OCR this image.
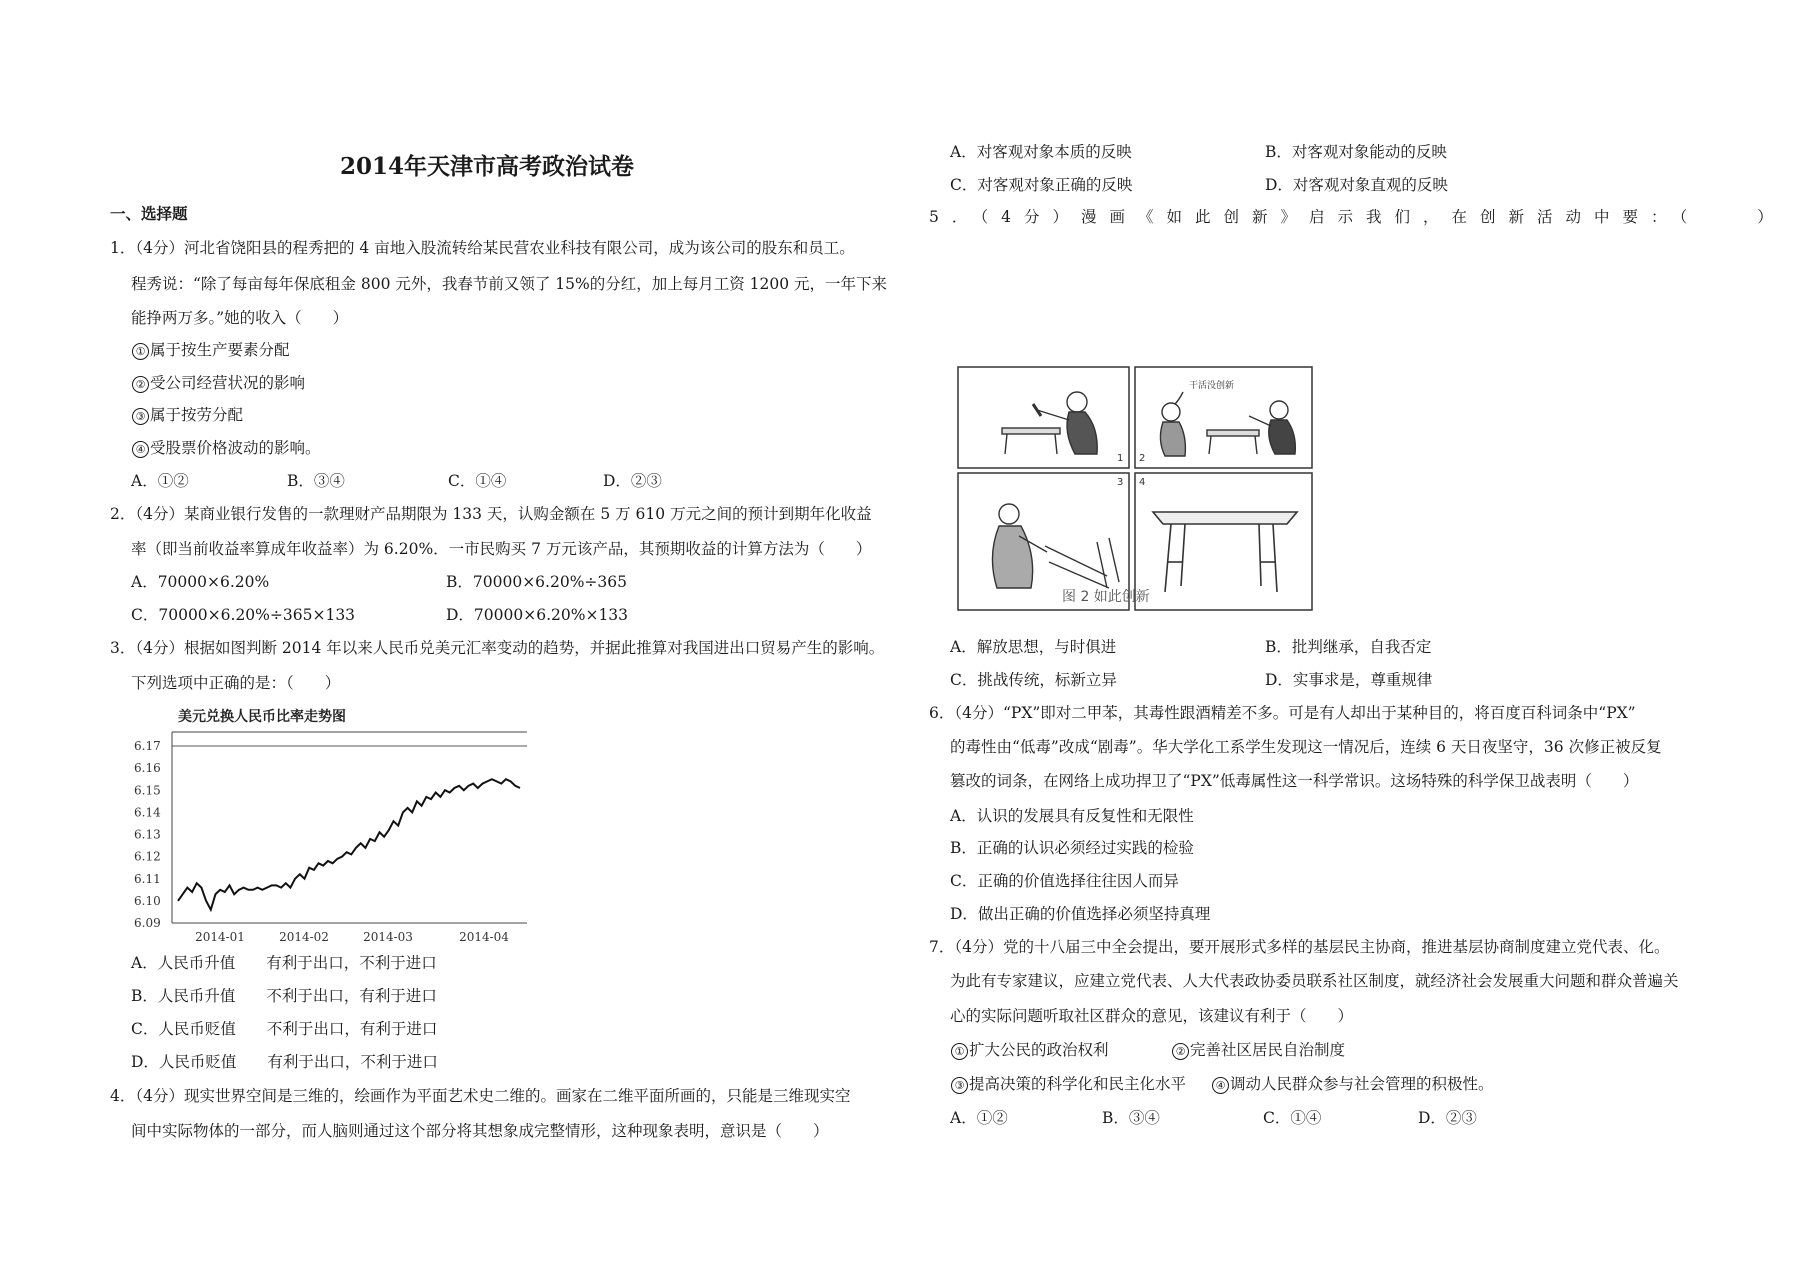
2014年天津市高考政治试卷
一、选择题
1．（4分）河北省饶阳县的程秀把的 4 亩地入股流转给某民营农业科技有限公司，成为该公司的股东和员工。
程秀说：“除了每亩每年保底租金 800 元外，我春节前又领了 15%的分红，加上每月工资 1200 元，一年下来
能挣两万多。”她的收入（　　）
① 属于按生产要素分配
② 受公司经营状况的影响
③ 属于按劳分配
④ 受股票价格波动的影响。
A．①②	B．③④	C．①④	D．②③
2．（4分）某商业银行发售的一款理财产品期限为 133 天，认购金额在 5 万 610 万元之间的预计到期年化收益
率（即当前收益率算成年收益率）为 6.20%．一市民购买 7 万元该产品，其预期收益的计算方法为（　　）
A．70000×6.20%	B．70000×6.20%÷365
C．70000×6.20%÷365×133	D．70000×6.20%×133
3．（4分）根据如图判断 2014 年以来人民币兑美元汇率变动的趋势，并据此推算对我国进出口贸易产生的影响。
下列选项中正确的是：（　　）
美元兑换人民币比率走势图
6.17
6.16
6.15
6.14
6.13
6.12
6.11
6.10
6.09
2014-01	2014-02	2014-03	2014-04
A．人民币升值　　有利于出口，不利于进口
B．人民币升值　　不利于出口，有利于进口
C．人民币贬值　　不利于出口，有利于进口
D．人民币贬值　　有利于出口，不利于进口
4．（4分）现实世界空间是三维的，绘画作为平面艺术史二维的。画家在二维平面所画的，只能是三维现实空
间中实际物体的一部分，而人脑则通过这个部分将其想象成完整情形，这种现象表明，意识是（　　）
A．对客观对象本质的反映	B．对客观对象能动的反映
C．对客观对象正确的反映	D．对客观对象直观的反映
5．（4分）漫画《如此创新》启示我们，在创新活动中要：（　　）
1
干活没创新
2
3 4
图 2 如此创新
A．解放思想，与时俱进	B．批判继承，自我否定
C．挑战传统，标新立异	D．实事求是，尊重规律
6．（4分）“PX”即对二甲苯，其毒性跟酒精差不多。可是有人却出于某种目的，将百度百科词条中“PX”
的毒性由“低毒”改成“剧毒”。华大学化工系学生发现这一情况后，连续 6 天日夜坚守，36 次修正被反复
篡改的词条，在网络上成功捍卫了“PX”低毒属性这一科学常识。这场特殊的科学保卫战表明（　　）
A．认识的发展具有反复性和无限性
B．正确的认识必须经过实践的检验
C．正确的价值选择往往因人而异
D．做出正确的价值选择必须坚持真理
7．（4分）党的十八届三中全会提出，要开展形式多样的基层民主协商，推进基层协商制度建立党代表、化。
为此有专家建议，应建立党代表、人大代表政协委员联系社区制度，就经济社会发展重大问题和群众普遍关
心的实际问题听取社区群众的意见，该建议有利于（　　）
① 扩大公民的政治权利	② 完善社区居民自治制度
③ 提高决策的科学化和民主化水平	④ 调动人民群众参与社会管理的积极性。
A．①②	B．③④	C．①④	D．②③
